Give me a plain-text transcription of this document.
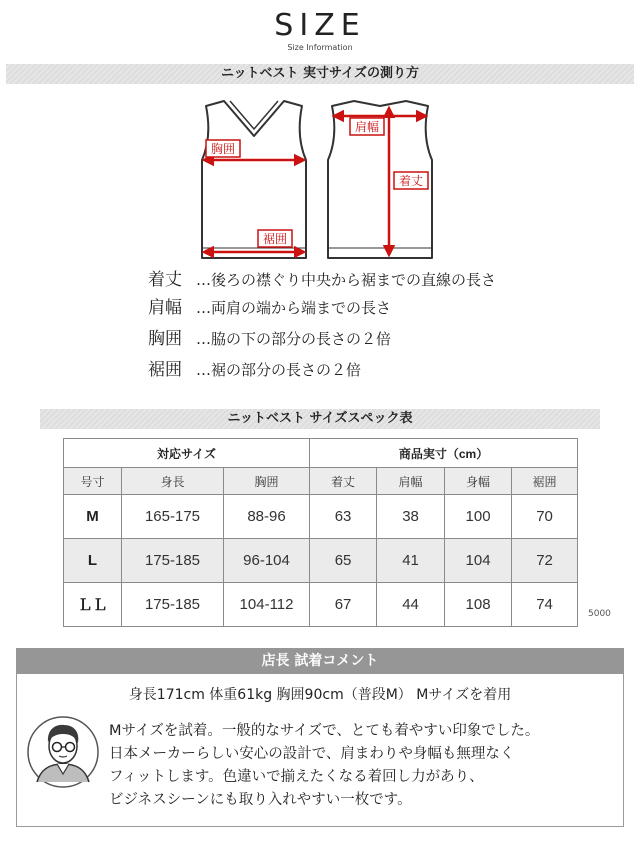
SIZE
Size Information
ニットベスト 実寸サイズの測り方
胸囲
裾囲
肩幅
着丈
着丈 …後ろの襟ぐり中央から裾までの直線の長さ
肩幅 …両肩の端から端までの長さ
胸囲 …脇の下の部分の長さの２倍
裾囲 …裾の部分の長さの２倍
ニットベスト サイズスペック表
対応サイズ			商品実寸（cm）			
号寸	身長	胸囲	着丈	肩幅	身幅	裾囲
M	165-175	88-96	63	38	100	70
L	175-185	96-104	65	41	104	72
ＬＬ	175-185	104-112	67	44	108	74
5000
店長 試着コメント
身長171cm 体重61kg 胸囲90cm（普段M） Mサイズを着用
Mサイズを試着。一般的なサイズで、とても着やすい印象でした。
日本メーカーらしい安心の設計で、肩まわりや身幅も無理なく
フィットします。色違いで揃えたくなる着回し力があり、
ビジネスシーンにも取り入れやすい一枚です。
